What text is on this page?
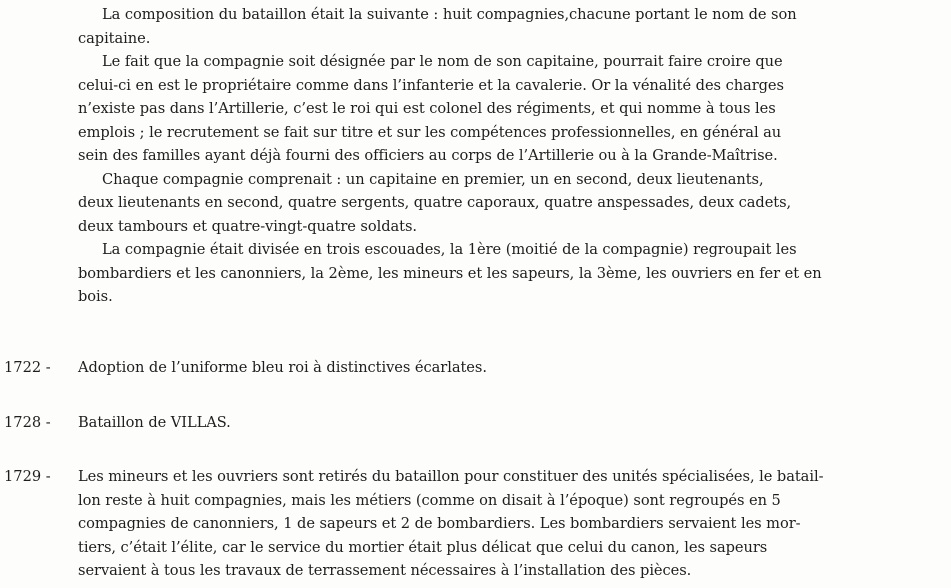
La composition du bataillon était la suivante : huit compagnies,chacune portant le nom de son
capitaine.

Le fait que la compagnie soit désignée par le nom de son capitaine, pourrait faire croire que
celui-ci en est le propriétaire comme dans l’infanterie et la cavalerie. Or la vénalité des charges
n’existe pas dans l’Artillerie, c’est le roi qui est colonel des régiments, et qui nomme à tous les
emplois ; le recrutement se fait sur titre et sur les compétences professionnelles, en général au
sein des familles ayant déjà fourni des officiers au corps de l’Artillerie ou à la Grande-Maîtrise.

Chaque compagnie comprenait : un capitaine en premier, un en second, deux lieutenants,
deux lieutenants en second, quatre sergents, quatre caporaux, quatre anspessades, deux cadets,
deux tambours et quatre-vingt-quatre soldats.

La compagnie était divisée en trois escouades, la 1ère (moitié de la compagnie) regroupait les
bombardiers et les canonniers, la 2ème, les mineurs et les sapeurs, la 3ème, les ouvriers en fer et en
bois.

1722 -	Adoption de l’uniforme bleu roi à distinctives écarlates.

1728 -	Bataillon de VILLAS.

1729 -	Les mineurs et les ouvriers sont retirés du bataillon pour constituer des unités spécialisées, le batail-
lon reste à huit compagnies, mais les métiers (comme on disait à l’époque) sont regroupés en 5
compagnies de canonniers, 1 de sapeurs et 2 de bombardiers. Les bombardiers servaient les mor-
tiers, c’était l’élite, car le service du mortier était plus délicat que celui du canon, les sapeurs
servaient à tous les travaux de terrassement nécessaires à l’installation des pièces.
